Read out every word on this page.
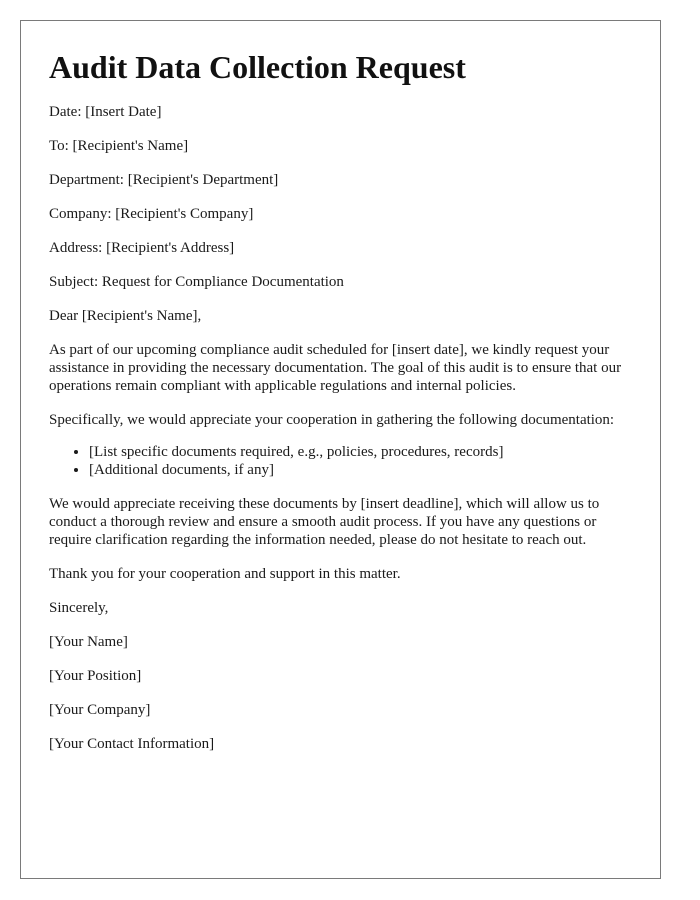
Audit Data Collection Request

Date: [Insert Date]

To: [Recipient's Name]

Department: [Recipient's Department]

Company: [Recipient's Company]

Address: [Recipient's Address]

Subject: Request for Compliance Documentation

Dear [Recipient's Name],

As part of our upcoming compliance audit scheduled for [insert date], we kindly request your assistance in providing the necessary documentation. The goal of this audit is to ensure that our operations remain compliant with applicable regulations and internal policies.

Specifically, we would appreciate your cooperation in gathering the following documentation:

• [List specific documents required, e.g., policies, procedures, records]
• [Additional documents, if any]

We would appreciate receiving these documents by [insert deadline], which will allow us to conduct a thorough review and ensure a smooth audit process. If you have any questions or require clarification regarding the information needed, please do not hesitate to reach out.

Thank you for your cooperation and support in this matter.

Sincerely,

[Your Name]

[Your Position]

[Your Company]

[Your Contact Information]
